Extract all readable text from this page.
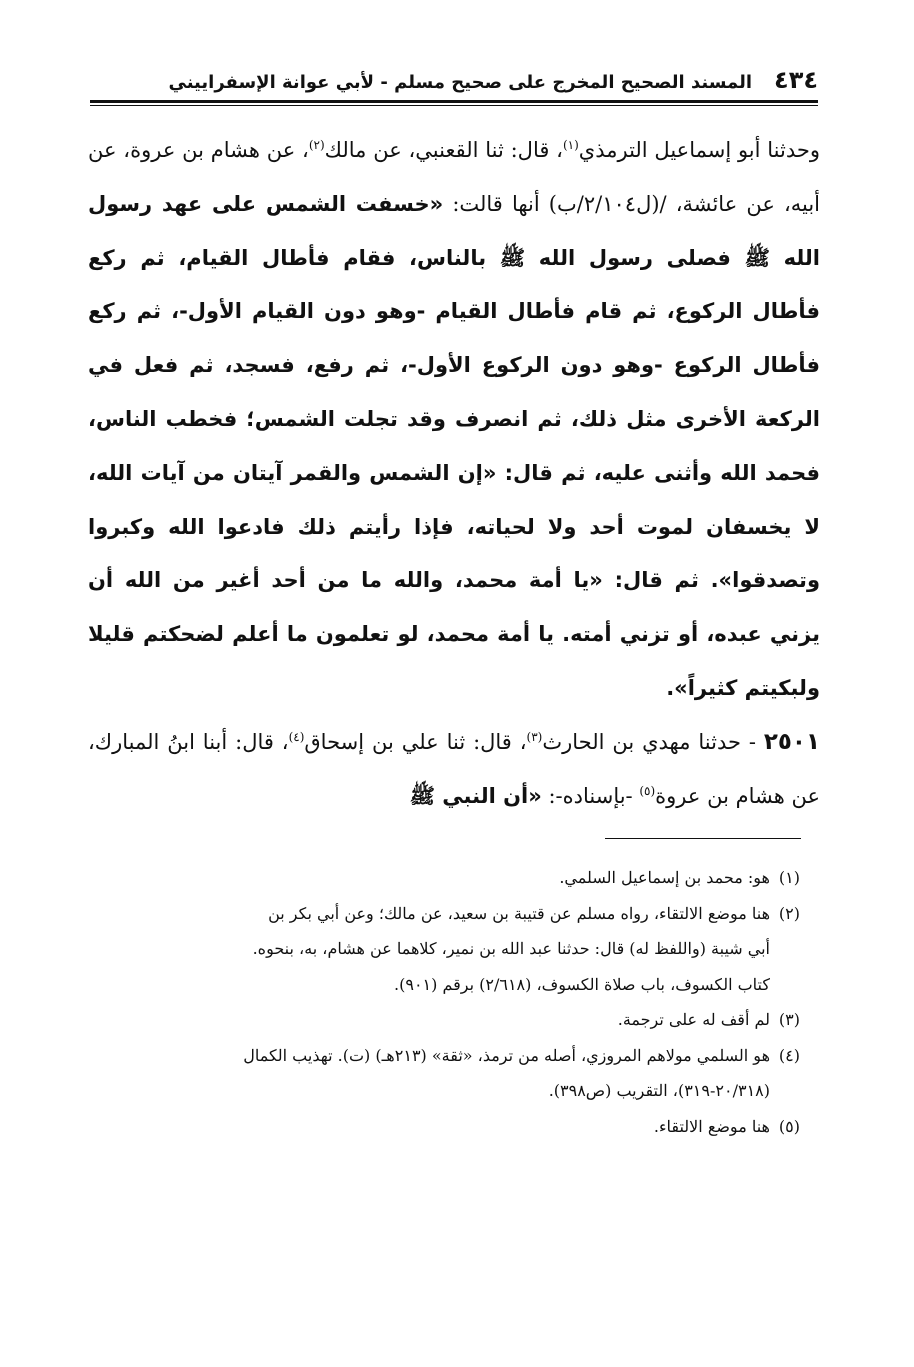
٤٣٤
المسند الصحيح المخرج على صحيح مسلم - لأبي عوانة الإسفراييني

وحدثنا أبو إسماعيل الترمذي$^{(١)}$، قال: ثنا القعنبي، عن مالك$^{(٢)}$، عن هشام بن عروة، عن أبيه، عن عائشة، /(ل٢/١٠٤/ب) أنها قالت: «خسفت الشمس على عهد رسول الله ﷺ فصلى رسول الله ﷺ بالناس، فقام فأطال القيام، ثم ركع فأطال الركوع، ثم قام فأطال القيام -وهو دون القيام الأول-، ثم ركع فأطال الركوع -وهو دون الركوع الأول-، ثم رفع، فسجد، ثم فعل في الركعة الأخرى مثل ذلك، ثم انصرف وقد تجلت الشمس؛ فخطب الناس، فحمد الله وأثنى عليه، ثم قال: «إن الشمس والقمر آيتان من آيات الله، لا يخسفان لموت أحد ولا لحياته، فإذا رأيتم ذلك فادعوا الله وكبروا وتصدقوا». ثم قال: «يا أمة محمد، والله ما من أحد أغير من الله أن يزني عبده، أو تزني أمته. يا أمة محمد، لو تعلمون ما أعلم لضحكتم قليلا ولبكيتم كثيراً».

٢٥٠١ - حدثنا مهدي بن الحارث$^{(٣)}$، قال: ثنا علي بن إسحاق$^{(٤)}$، قال: أبنا ابنُ المبارك، عن هشام بن عروة$^{(٥)}$ -بإسناده-: «أن النبي ﷺ

(١)
هو: محمد بن إسماعيل السلمي.
(٢)
هنا موضع الالتقاء، رواه مسلم عن قتيبة بن سعيد، عن مالك؛ وعن أبي بكر بن
أبي شيبة (واللفظ له) قال: حدثنا عبد الله بن نمير، كلاهما عن هشام، به، بنحوه.
كتاب الكسوف، باب صلاة الكسوف، (٢/٦١٨) برقم (٩٠١).
(٣)
لم أقف له على ترجمة.
(٤)
هو السلمي مولاهم المروزي، أصله من ترمذ، «ثقة» (٢١٣هـ) (ت). تهذيب الكمال
(٢٠/٣١٨-٣١٩)، التقريب (ص٣٩٨).
(٥)
هنا موضع الالتقاء.
